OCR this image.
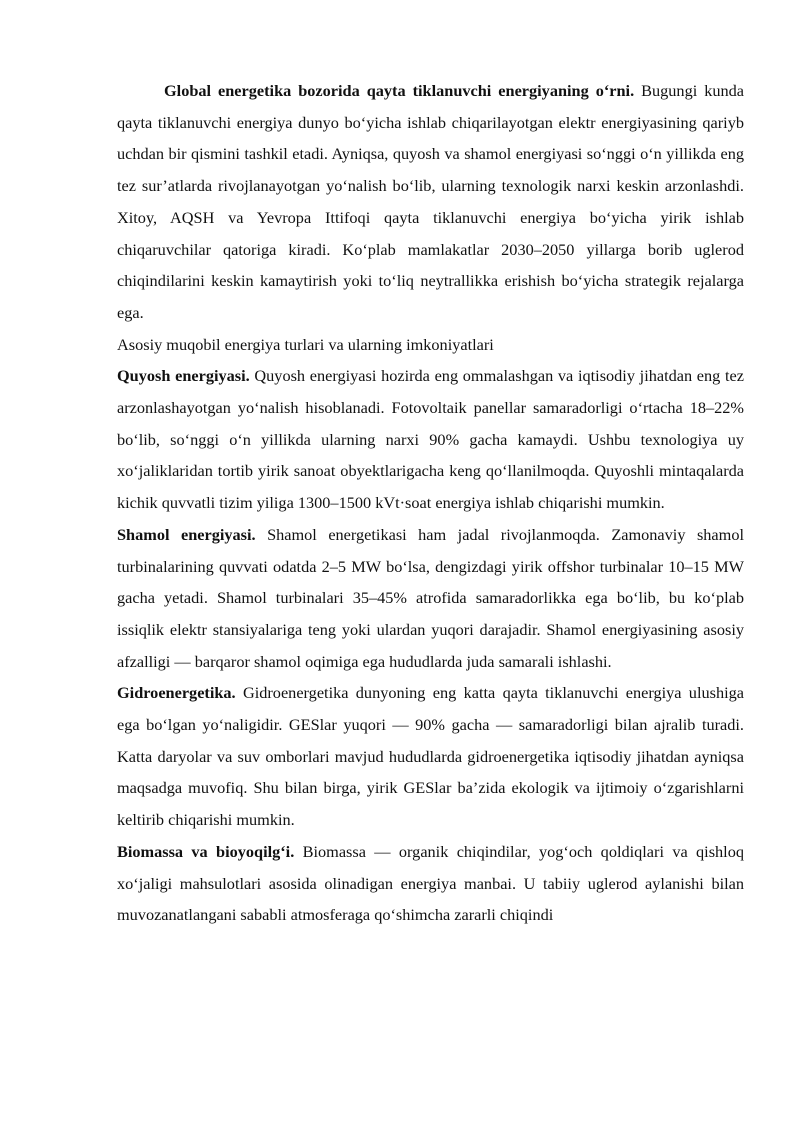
Global energetika bozorida qayta tiklanuvchi energiyaning o‘rni. Bugungi kunda qayta tiklanuvchi energiya dunyo bo‘yicha ishlab chiqarilayotgan elektr energiyasining qariyb uchdan bir qismini tashkil etadi. Ayniqsa, quyosh va shamol energiyasi so‘nggi o‘n yillikda eng tez sur’atlarda rivojlanayotgan yo‘nalish bo‘lib, ularning texnologik narxi keskin arzonlashdi. Xitoy, AQSH va Yevropa Ittifoqi qayta tiklanuvchi energiya bo‘yicha yirik ishlab chiqaruvchilar qatoriga kiradi. Ko‘plab mamlakatlar 2030–2050 yillarga borib uglerod chiqindilarini keskin kamaytirish yoki to‘liq neytrallikka erishish bo‘yicha strategik rejalarga ega.

Asosiy muqobil energiya turlari va ularning imkoniyatlari

Quyosh energiyasi. Quyosh energiyasi hozirda eng ommalashgan va iqtisodiy jihatdan eng tez arzonlashayotgan yo‘nalish hisoblanadi. Fotovoltaik panellar samaradorligi o‘rtacha 18–22% bo‘lib, so‘nggi o‘n yillikda ularning narxi 90% gacha kamaydi. Ushbu texnologiya uy xo‘jaliklaridan tortib yirik sanoat obyektlarigacha keng qo‘llanilmoqda. Quyoshli mintaqalarda kichik quvvatli tizim yiliga 1300–1500 kVt·soat energiya ishlab chiqarishi mumkin.

Shamol energiyasi. Shamol energetikasi ham jadal rivojlanmoqda. Zamonaviy shamol turbinalarining quvvati odatda 2–5 MW bo‘lsa, dengizdagi yirik offshor turbinalar 10–15 MW gacha yetadi. Shamol turbinalari 35–45% atrofida samaradorlikka ega bo‘lib, bu ko‘plab issiqlik elektr stansiyalariga teng yoki ulardan yuqori darajadir. Shamol energiyasining asosiy afzalligi — barqaror shamol oqimiga ega hududlarda juda samarali ishlashi.

Gidroenergetika. Gidroenergetika dunyoning eng katta qayta tiklanuvchi energiya ulushiga ega bo‘lgan yo‘naligidir. GESlar yuqori — 90% gacha — samaradorligi bilan ajralib turadi. Katta daryolar va suv omborlari mavjud hududlarda gidroenergetika iqtisodiy jihatdan ayniqsa maqsadga muvofiq. Shu bilan birga, yirik GESlar ba’zida ekologik va ijtimoiy o‘zgarishlarni keltirib chiqarishi mumkin.

Biomassa va bioyoqilg‘i. Biomassa — organik chiqindilar, yog‘och qoldiqlari va qishloq xo‘jaligi mahsulotlari asosida olinadigan energiya manbai. U tabiiy uglerod aylanishi bilan muvozanatlangani sababli atmosferaga qo‘shimcha zararli chiqindi
